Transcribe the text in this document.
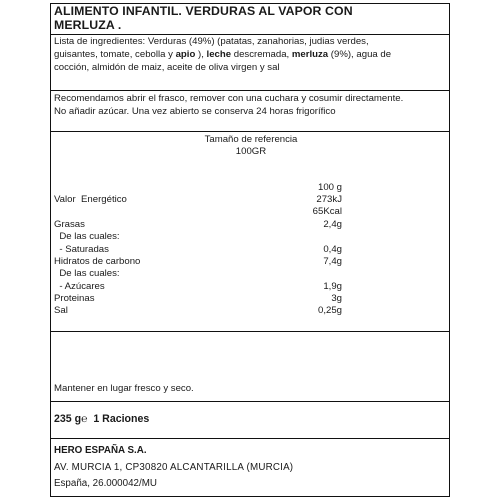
ALIMENTO INFANTIL. VERDURAS AL VAPOR CON
MERLUZA .
Lista de ingredientes: Verduras (49%) (patatas, zanahorias, judias verdes,
guisantes, tomate, cebolla y apio ), leche descremada, merluza (9%), agua de
cocción, almidón de maiz, aceite de oliva virgen y sal
Recomendamos abrir el frasco, remover con una cuchara y cosumir directamente.
No añadir azúcar. Una vez abierto se conserva 24 horas frigorífico
Tamaño de referencia
100GR
100 g
Valor  Energético	273kJ
65Kcal
Grasas	2,4g
De las cuales:
- Saturadas	0,4g
Hidratos de carbono	7,4g
De las cuales:
- Azúcares	1,9g
Proteinas	3g
Sal	0,25g
Mantener en lugar fresco y seco.
235 g℮ 1 Raciones
HERO ESPAÑA S.A.
AV. MURCIA 1, CP30820 ALCANTARILLA (MURCIA)
España, 26.000042/MU
